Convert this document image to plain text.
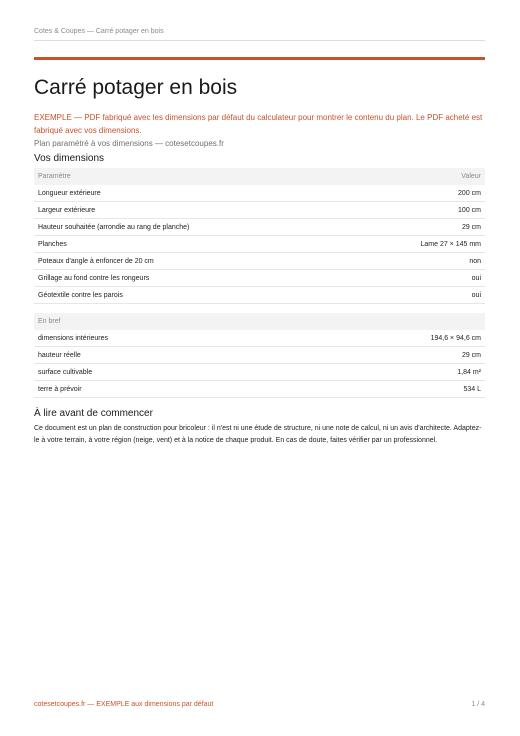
Cotes & Coupes — Carré potager en bois
Carré potager en bois

EXEMPLE — PDF fabriqué avec les dimensions par défaut du calculateur pour montrer le contenu du plan. Le PDF acheté est fabriqué avec vos dimensions.

Plan paramétré à vos dimensions — cotesetcoupes.fr

Vos dimensions
Paramètre	Valeur
Longueur extérieure	200 cm
Largeur extérieure	100 cm
Hauteur souhaitée (arrondie au rang de planche)	29 cm
Planches	Lame 27 × 145 mm
Poteaux d'angle à enfoncer de 20 cm	non
Grillage au fond contre les rongeurs	oui
Géotextile contre les parois	oui
En bref	
dimensions intérieures	194,6 × 94,6 cm
hauteur réelle	29 cm
surface cultivable	1,84 m²
terre à prévoir	534 L
À lire avant de commencer

Ce document est un plan de construction pour bricoleur : il n'est ni une étude de structure, ni une note de calcul, ni un avis d'architecte. Adaptez-le à votre terrain, à votre région (neige, vent) et à la notice de chaque produit. En cas de doute, faites vérifier par un professionnel.

cotesetcoupes.fr — EXEMPLE aux dimensions par défaut	1 / 4
